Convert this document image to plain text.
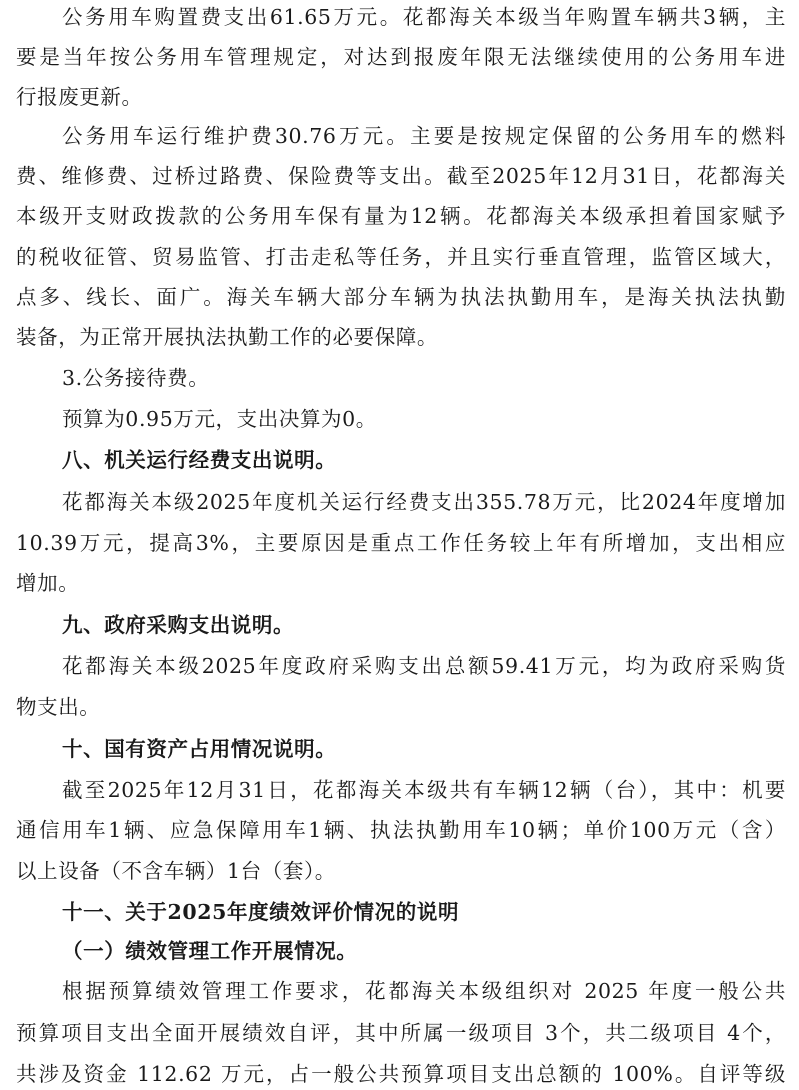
公务用车购置费支出61.65万元。花都海关本级当年购置车辆共3辆，主
要是当年按公务用车管理规定，对达到报废年限无法继续使用的公务用车进
行报废更新。
公务用车运行维护费30.76万元。主要是按规定保留的公务用车的燃料
费、维修费、过桥过路费、保险费等支出。截至2025年12月31日，花都海关
本级开支财政拨款的公务用车保有量为12辆。花都海关本级承担着国家赋予
的税收征管、贸易监管、打击走私等任务，并且实行垂直管理，监管区域大，
点多、线长、面广。海关车辆大部分车辆为执法执勤用车，是海关执法执勤
装备，为正常开展执法执勤工作的必要保障。
3.公务接待费。
预算为0.95万元，支出决算为0。
八、机关运行经费支出说明。
花都海关本级2025年度机关运行经费支出355.78万元，比2024年度增加
10.39万元，提高3%，主要原因是重点工作任务较上年有所增加，支出相应
增加。
九、政府采购支出说明。
花都海关本级2025年度政府采购支出总额59.41万元，均为政府采购货
物支出。
十、国有资产占用情况说明。
截至2025年12月31日，花都海关本级共有车辆12辆（台），其中：机要
通信用车1辆、应急保障用车1辆、执法执勤用车10辆；单价100万元（含）
以上设备（不含车辆）1台（套）。
十一、关于2025年度绩效评价情况的说明
（一）绩效管理工作开展情况。
根据预算绩效管理工作要求，花都海关本级组织对 2025 年度一般公共
预算项目支出全面开展绩效自评，其中所属一级项目 3个，共二级项目 4个，
共涉及资金 112.62 万元，占一般公共预算项目支出总额的 100%。自评等级
